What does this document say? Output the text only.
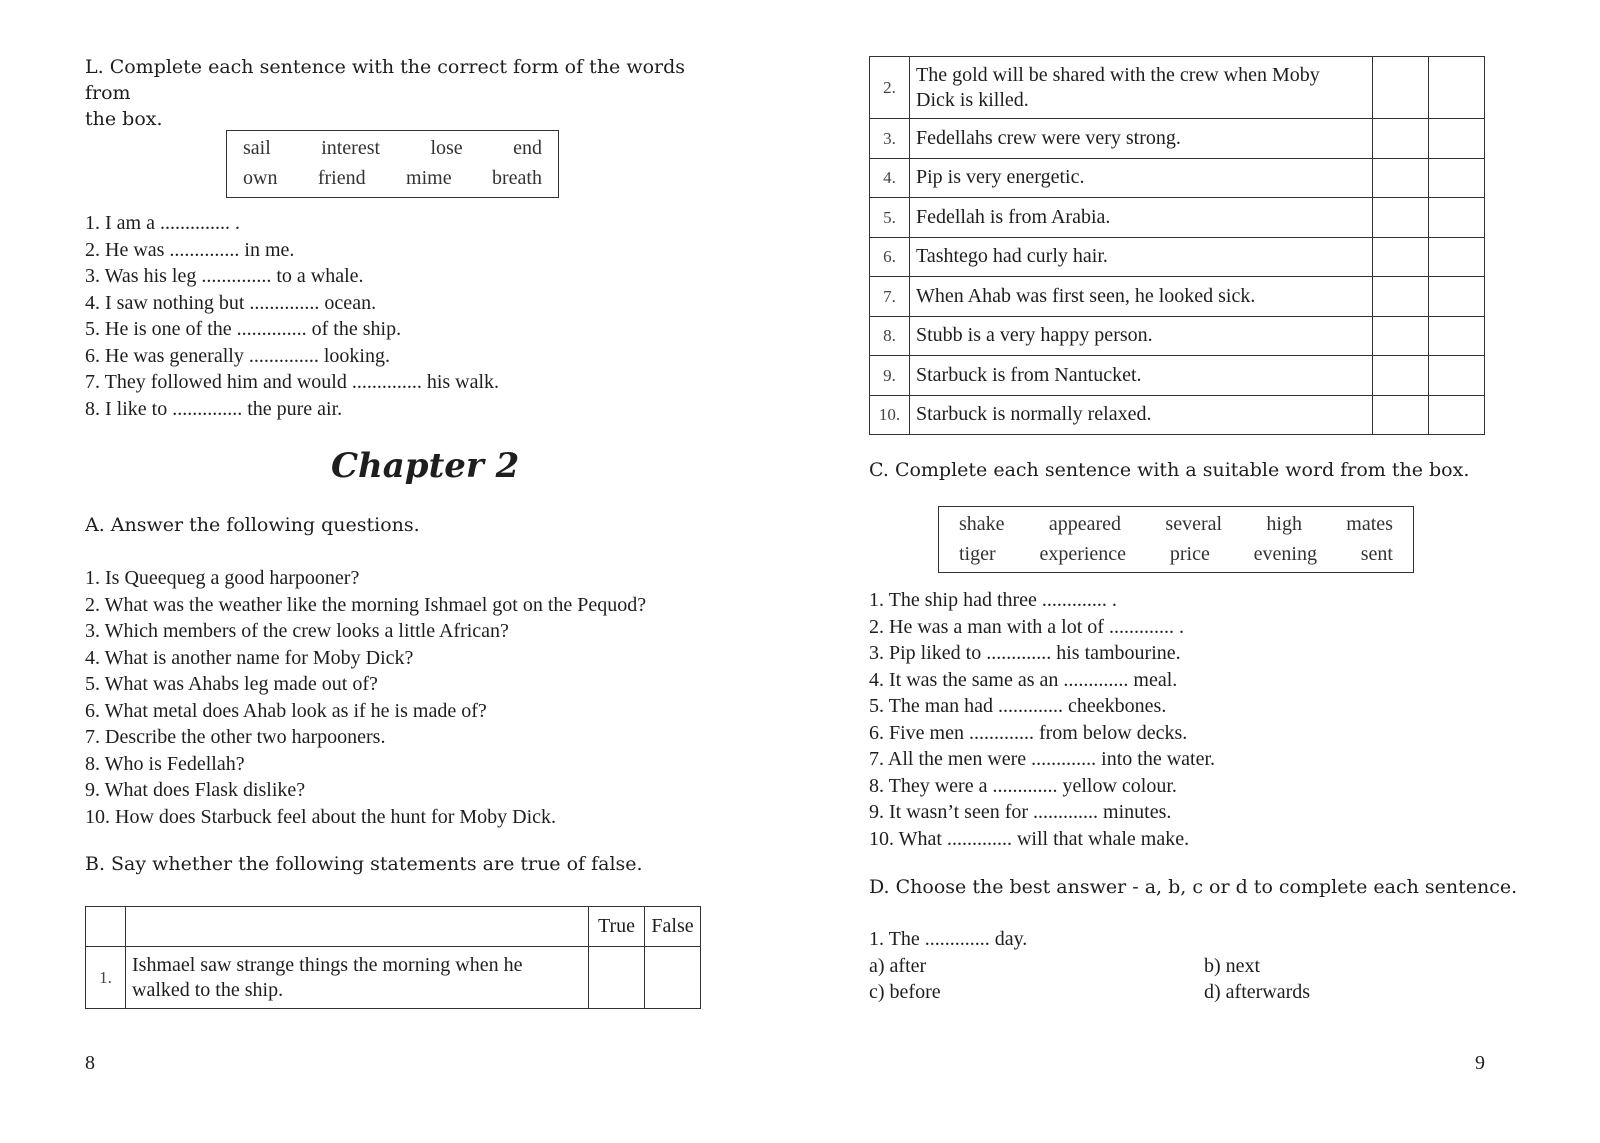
L. Complete each sentence with the correct form of the words from
the box.
sail	interest	lose	end
own friend mime breath
1. I am a .............. .
2. He was .............. in me.
3. Was his leg .............. to a whale.
4. I saw nothing but .............. ocean.
5. He is one of the .............. of the ship.
6. He was generally .............. looking.
7. They followed him and would .............. his walk.
8. I like to .............. the pure air.
Chapter 2
A. Answer the following questions.
1. Is Queequeg a good harpooner?
2. What was the weather like the morning Ishmael got on the Pequod?
3. Which members of the crew looks a little African?
4. What is another name for Moby Dick?
5. What was Ahabs leg made out of?
6. What metal does Ahab look as if he is made of?
7. Describe the other two harpooners.
8. Who is Fedellah?
9. What does Flask dislike?
10. How does Starbuck feel about the hunt for Moby Dick.
B. Say whether the following statements are true of false.
		True	False
1.	Ishmael saw strange things the morning when he
walked to the ship.		

8
2.	The gold will be shared with the crew when Moby
Dick is killed.		

3.	Fedellahs crew were very strong.		
4.	Pip is very energetic.		
5.	Fedellah is from Arabia.		
6.	Tashtego had curly hair.		
7.	When Ahab was first seen, he looked sick.		
8.	Stubb is a very happy person.		
9.	Starbuck is from Nantucket.		
10.	Starbuck is normally relaxed.		
C. Complete each sentence with a suitable word from the box.
shake appeared several high mates
tiger experience price evening sent
1. The ship had three ............. .
2. He was a man with a lot of ............. .
3. Pip liked to ............. his tambourine.
4. It was the same as an ............. meal.
5. The man had ............. cheekbones.
6. Five men ............. from below decks.
7. All the men were ............. into the water.
8. They were a ............. yellow colour.
9. It wasn’t seen for ............. minutes.
10. What ............. will that whale make.
D. Choose the best answer - a, b, c or d to complete each sentence.
1. The ............. day.
a) after	b) next
c) before	d) afterwards
9
